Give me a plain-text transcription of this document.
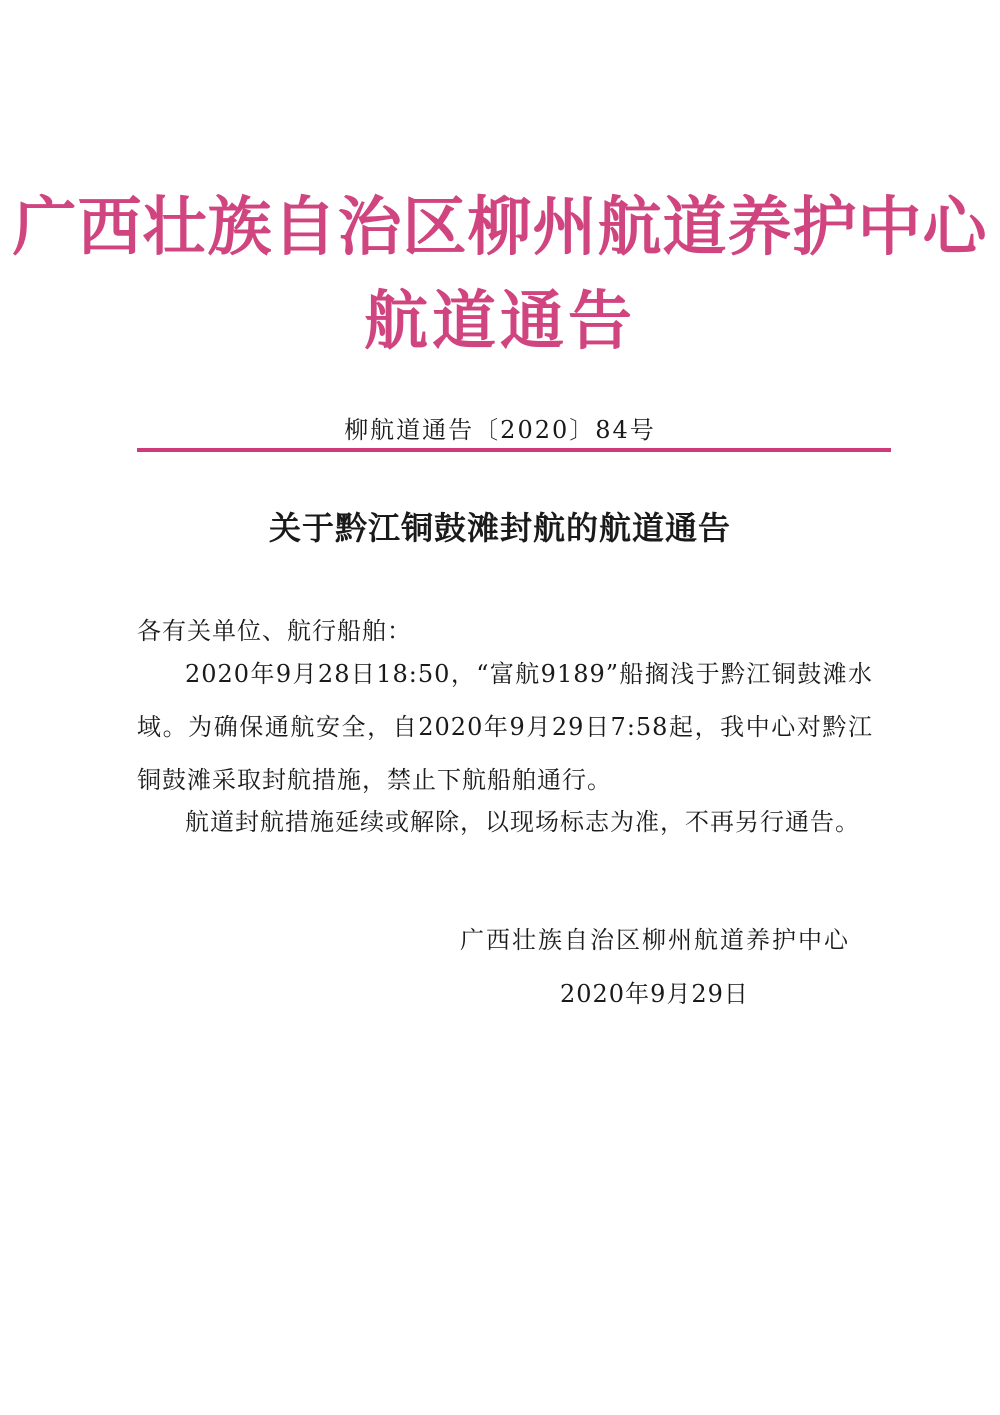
广西壮族自治区柳州航道养护中心
航道通告
柳航道通告〔2020〕84号
关于黔江铜鼓滩封航的航道通告
各有关单位、航行船舶：
2020年9月28日18:50，“富航9189”船搁浅于黔江铜鼓滩水域。为确保通航安全，自2020年9月29日7:58起，我中心对黔江铜鼓滩采取封航措施，禁止下航船舶通行。
航道封航措施延续或解除，以现场标志为准，不再另行通告。
广西壮族自治区柳州航道养护中心
2020年9月29日
